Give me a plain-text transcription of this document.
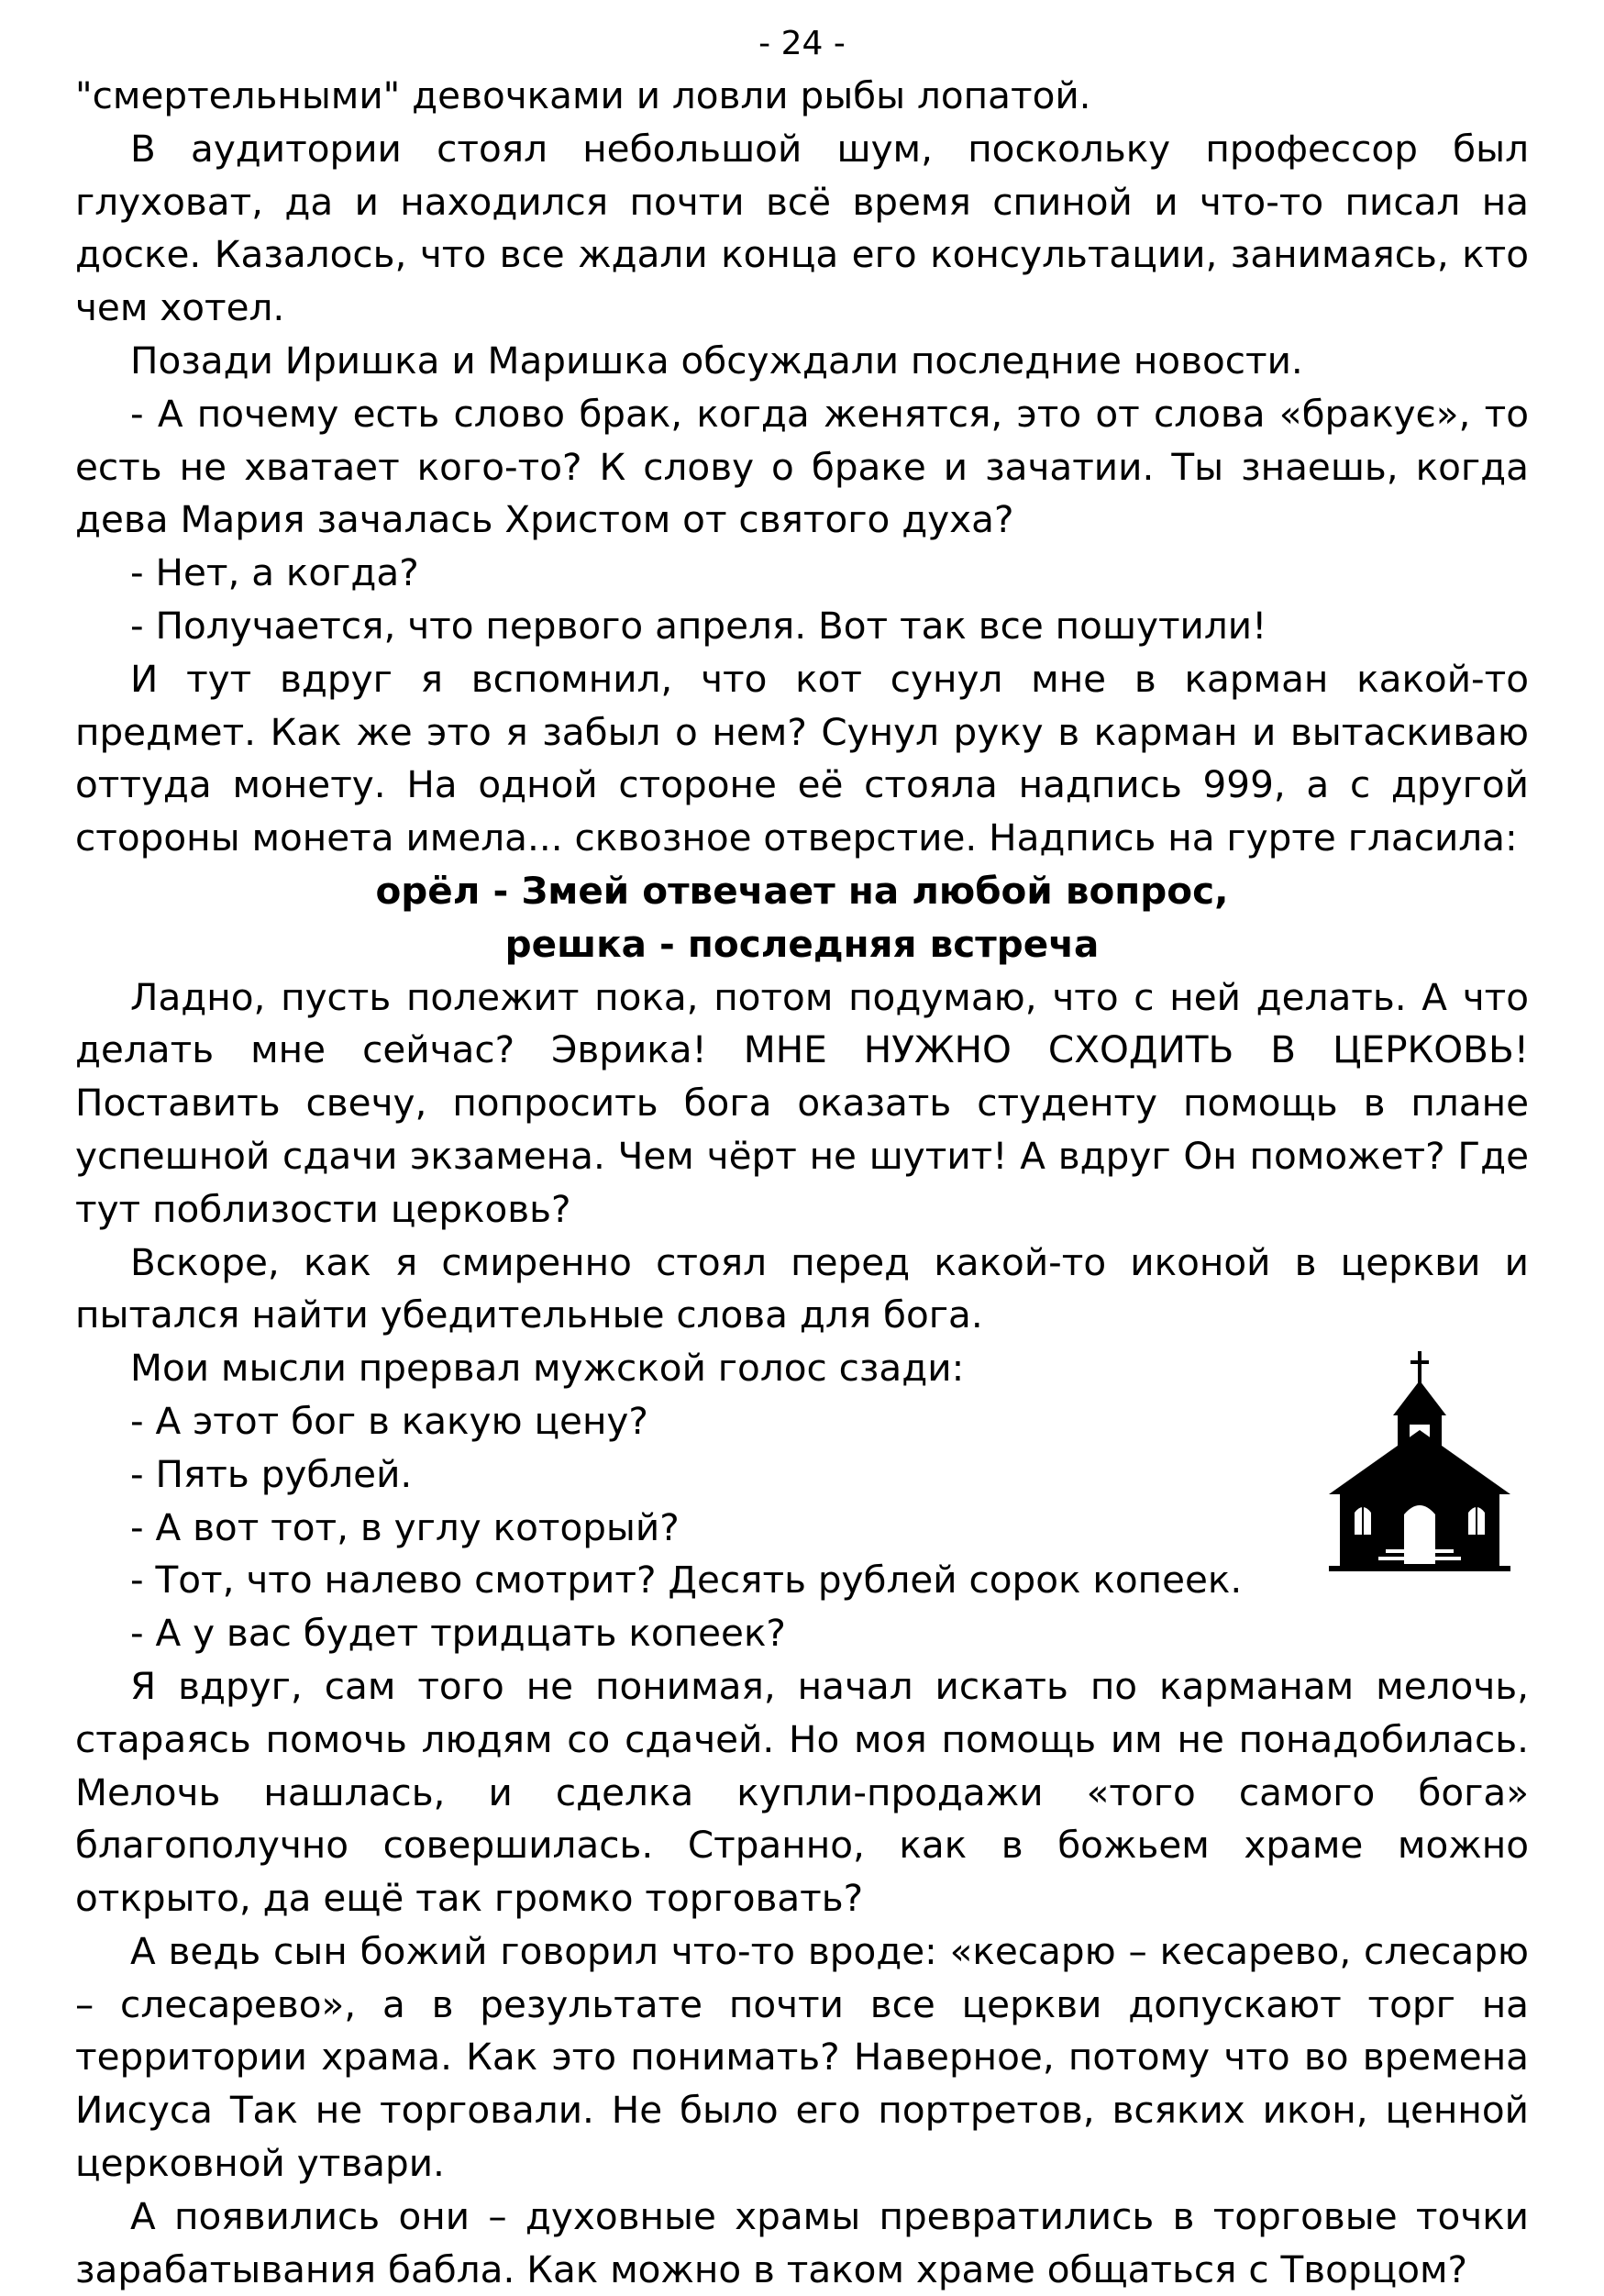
- 24 -

"смертельными" девочками и ловли рыбы лопатой.

В аудитории стоял небольшой шум, поскольку профессор был глуховат, да и находился почти всё время спиной и что-то писал на доске. Казалось, что все ждали конца его консультации, занимаясь, кто чем хотел.

Позади Иришка и Маришка обсуждали последние новости.

- А почему есть слово брак, когда женятся, это от слова «бракує», то есть не хватает кого-то? К слову о браке и зачатии. Ты знаешь, когда дева Мария зачалась Христом от святого духа?

- Нет, а когда?

- Получается, что первого апреля. Вот так все пошутили!

И тут вдруг я вспомнил, что кот сунул мне в карман какой-то предмет. Как же это я забыл о нем? Сунул руку в карман и вытаскиваю оттуда монету. На одной стороне её стояла надпись 999, а с другой стороны монета имела... сквозное отверстие. Надпись на гурте гласила:

орёл - Змей отвечает на любой вопрос,

решка - последняя встреча

Ладно, пусть полежит пока, потом подумаю, что с ней делать. А что делать мне сейчас? Эврика! МНЕ НУЖНО СХОДИТЬ В ЦЕРКОВЬ! Поставить свечу, попросить бога оказать студенту помощь в плане успешной сдачи экзамена. Чем чёрт не шутит! А вдруг Он поможет? Где тут поблизости церковь?

Вскоре, как я смиренно стоял перед какой-то иконой в церкви и пытался найти убедительные слова для бога.

Мои мысли прервал мужской голос сзади:

- А этот бог в какую цену?

- Пять рублей.

- А вот тот, в углу который?

- Тот, что налево смотрит? Десять рублей сорок копеек.

- А у вас будет тридцать копеек?

Я вдруг, сам того не понимая, начал искать по карманам мелочь, стараясь помочь людям со сдачей. Но моя помощь им не понадобилась. Мелочь нашлась, и сделка купли-продажи «того самого бога» благополучно совершилась. Странно, как в божьем храме можно открыто, да ещё так громко торговать?

А ведь сын божий говорил что-то вроде: «кесарю – кесарево, слесарю – слесарево», а в результате почти все церкви допускают торг на территории храма. Как это понимать? Наверное, потому что во времена Иисуса Так не торговали. Не было его портретов, всяких икон, ценной церковной утвари.

А появились они – духовные храмы превратились в торговые точки зарабатывания бабла. Как можно в таком храме общаться с Творцом?
